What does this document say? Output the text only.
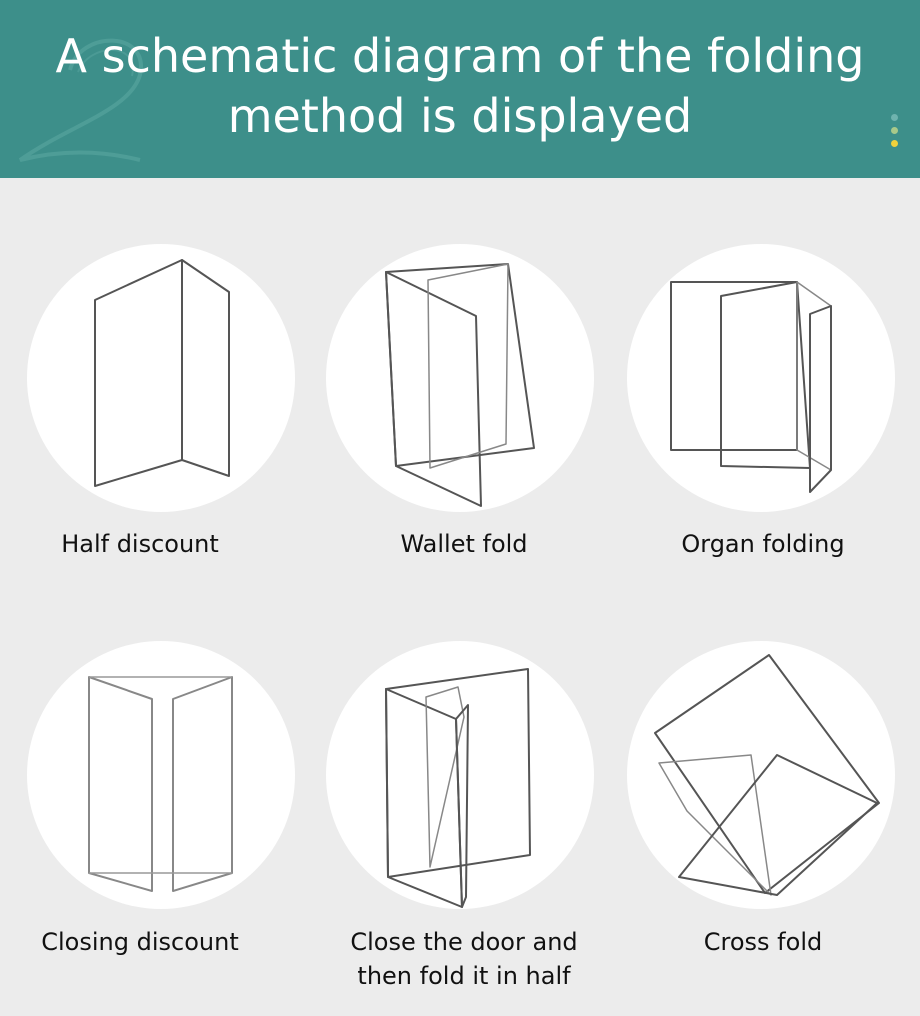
A schematic diagram of the folding
method is displayed
Half discount	Wallet fold	Organ folding
Closing discount	Close the door and
then fold it in half
Cross fold
